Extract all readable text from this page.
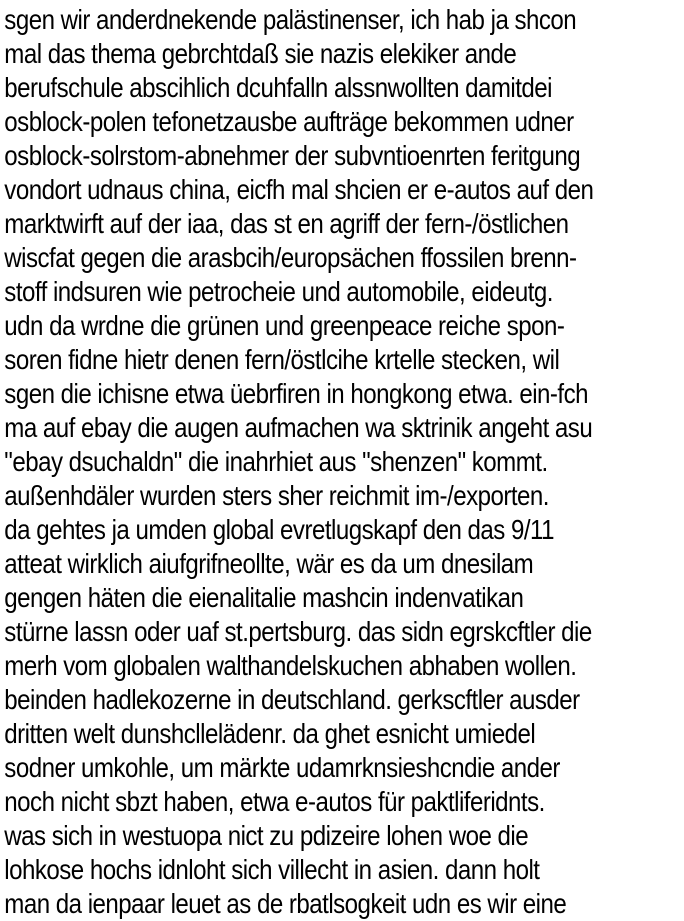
sgen wir anderdnekende palästinenser, ich hab ja shcon
mal das thema gebrchtdaß sie nazis elekiker ande
berufschule abscihlich dcuhfalln alssnwollten damitdei
osblock-polen tefonetzausbe aufträge bekommen udner
osblock-solrstom-abnehmer der subvntioenrten feritgung
vondort udnaus china, eicfh mal shcien er e-autos auf den
marktwirft auf der iaa, das st en agriff der fern-/östlichen
wiscfat gegen die arasbcih/europsächen ffossilen brenn-
stoff indsuren wie petrocheie und automobile, eideutg.
udn da wrdne die grünen und greenpeace reiche spon-
soren fidne hietr denen fern/östlcihe krtelle stecken, wil
sgen die ichisne etwa üebrfiren in hongkong etwa. ein-fch
ma auf ebay die augen aufmachen wa sktrinik angeht asu
"ebay dsuchaldn" die inahrhiet aus "shenzen" kommt.
außenhdäler wurden sters sher reichmit im-/exporten.
da gehtes ja umden global evretlugskapf den das 9/11
atteat wirklich aiufgrifneollte, wär es da um dnesilam
gengen häten die eienalitalie mashcin indenvatikan
stürne lassn oder uaf st.pertsburg. das sidn egrskcftler die
merh vom globalen walthandelskuchen abhaben wollen.
beinden hadlekozerne in deutschland. gerkscftler ausder
dritten welt dunshcllelädenr. da ghet esnicht umiedel
sodner umkohle, um märkte udamrknsieshcndie ander
noch nicht sbzt haben, etwa e-autos für paktliferidnts.
was sich in westuopa nict zu pdizeire lohen woe die
lohkose hochs idnloht sich villecht in asien. dann holt
man da ienpaar leuet as de rbatlsogkeit udn es wir eine
